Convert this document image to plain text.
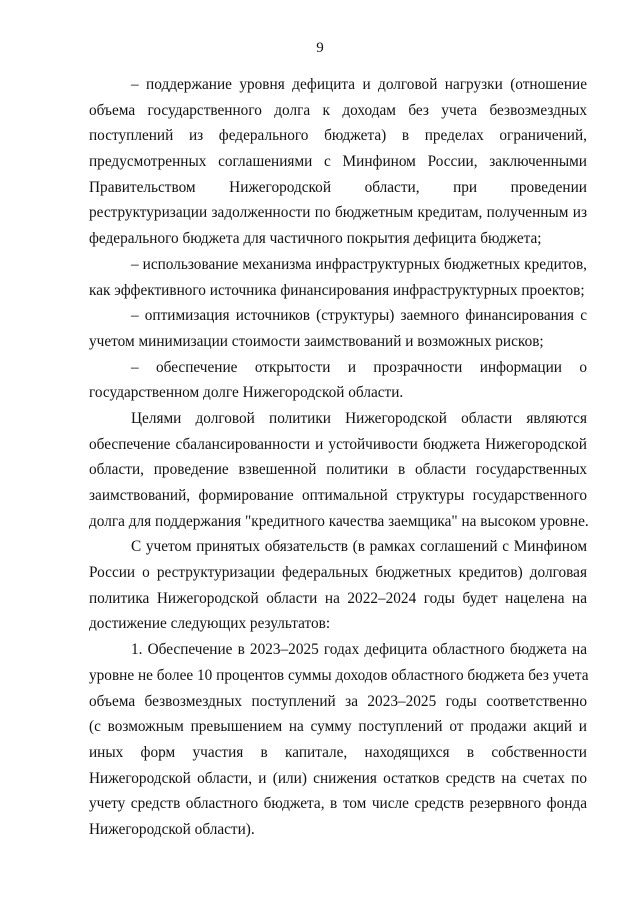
9
– поддержание уровня дефицита и долговой нагрузки (отношение
объема государственного долга к доходам без учета безвозмездных
поступлений из федерального бюджета) в пределах ограничений,
предусмотренных соглашениями с Минфином России, заключенными
Правительством Нижегородской области, при проведении
реструктуризации задолженности по бюджетным кредитам, полученным из
федерального бюджета для частичного покрытия дефицита бюджета;
– использование механизма инфраструктурных бюджетных кредитов,
как эффективного источника финансирования инфраструктурных проектов;
– оптимизация источников (структуры) заемного финансирования с
учетом минимизации стоимости заимствований и возможных рисков;
– обеспечение открытости и прозрачности информации о
государственном долге Нижегородской области.
Целями долговой политики Нижегородской области являются
обеспечение сбалансированности и устойчивости бюджета Нижегородской
области, проведение взвешенной политики в области государственных
заимствований, формирование оптимальной структуры государственного
долга для поддержания "кредитного качества заемщика" на высоком уровне.
С учетом принятых обязательств (в рамках соглашений с Минфином
России о реструктуризации федеральных бюджетных кредитов) долговая
политика Нижегородской области на 2022–2024 годы будет нацелена на
достижение следующих результатов:
1. Обеспечение в 2023–2025 годах дефицита областного бюджета на
уровне не более 10 процентов суммы доходов областного бюджета без учета
объема безвозмездных поступлений за 2023–2025 годы соответственно
(с возможным превышением на сумму поступлений от продажи акций и
иных форм участия в капитале, находящихся в собственности
Нижегородской области, и (или) снижения остатков средств на счетах по
учету средств областного бюджета, в том числе средств резервного фонда
Нижегородской области).
